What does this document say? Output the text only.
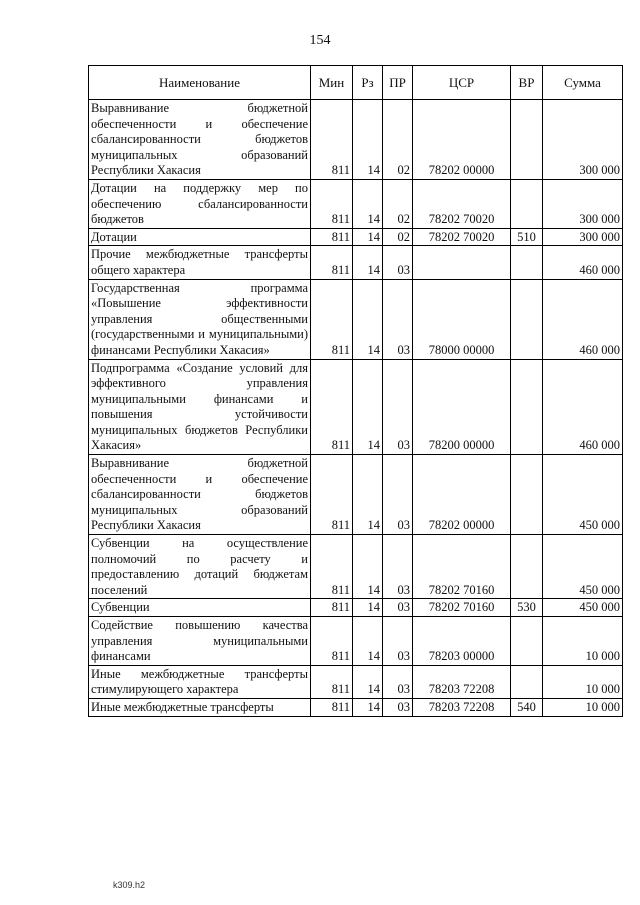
154
Наименование	Мин	Рз	ПР	ЦСР	ВР	Сумма
Выравнивание бюджетной обеспеченности и обеспечение сбалансированности бюджетов муниципальных образований Республики Хакасия	811	14	02	78202 00000		300 000
Дотации на поддержку мер по обеспечению сбалансированности бюджетов	811	14	02	78202 70020		300 000
Дотации	811	14	02	78202 70020	510	300 000
Прочие межбюджетные трансферты общего характера	811	14	03			460 000
Государственная программа «Повышение эффективности управления общественными (государственными и муниципальными) финансами Республики Хакасия»	811	14	03	78000 00000		460 000
Подпрограмма «Создание условий для эффективного управления муниципальными финансами и повышения устойчивости муниципальных бюджетов Республики Хакасия»	811	14	03	78200 00000		460 000
Выравнивание бюджетной обеспеченности и обеспечение сбалансированности бюджетов муниципальных образований Республики Хакасия	811	14	03	78202 00000		450 000
Субвенции на осуществление полномочий по расчету и предоставлению дотаций бюджетам поселений	811	14	03	78202 70160		450 000
Субвенции	811	14	03	78202 70160	530	450 000
Содействие повышению качества управления муниципальными финансами	811	14	03	78203 00000		10 000
Иные межбюджетные трансферты стимулирующего характера	811	14	03	78203 72208		10 000
Иные межбюджетные трансферты	811	14	03	78203 72208	540	10 000
k309.h2
